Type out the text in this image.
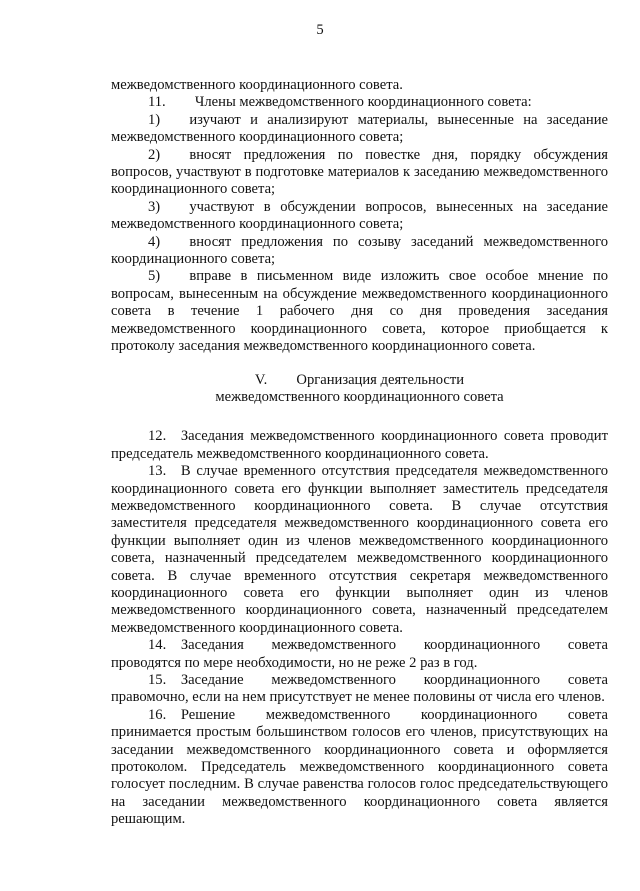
5

межведомственного координационного совета.

11.  Члены межведомственного координационного совета:

1)  изучают и анализируют материалы, вынесенные на заседание межведомственного координационного совета;

2)  вносят предложения по повестке дня, порядку обсуждения вопросов, участвуют в подготовке материалов к заседанию межведомственного координационного совета;

3)  участвуют в обсуждении вопросов, вынесенных на заседание межведомственного координационного совета;

4)  вносят предложения по созыву заседаний межведомственного координационного совета;

5)  вправе в письменном виде изложить свое особое мнение по вопросам, вынесенным на обсуждение межведомственного координационного совета в течение 1 рабочего дня со дня проведения заседания межведомственного координационного совета, которое приобщается к протоколу заседания межведомственного координационного совета.

V.  Организация деятельности
межведомственного координационного совета

12. Заседания межведомственного координационного совета проводит председатель межведомственного координационного совета.

13. В случае временного отсутствия председателя межведомственного координационного совета его функции выполняет заместитель председателя межведомственного координационного совета. В случае отсутствия заместителя председателя межведомственного координационного совета его функции выполняет один из членов межведомственного координационного совета, назначенный председателем межведомственного координационного совета. В случае временного отсутствия секретаря межведомственного координационного совета его функции выполняет один из членов межведомственного координационного совета, назначенный председателем межведомственного координационного совета.

14. Заседания межведомственного координационного совета проводятся по мере необходимости, но не реже 2 раз в год.

15. Заседание межведомственного координационного совета правомочно, если на нем присутствует не менее половины от числа его членов.

16. Решение межведомственного координационного совета принимается простым большинством голосов его членов, присутствующих на заседании межведомственного координационного совета и оформляется протоколом. Председатель межведомственного координационного совета голосует последним. В случае равенства голосов голос председательствующего на заседании межведомственного координационного совета является решающим.
